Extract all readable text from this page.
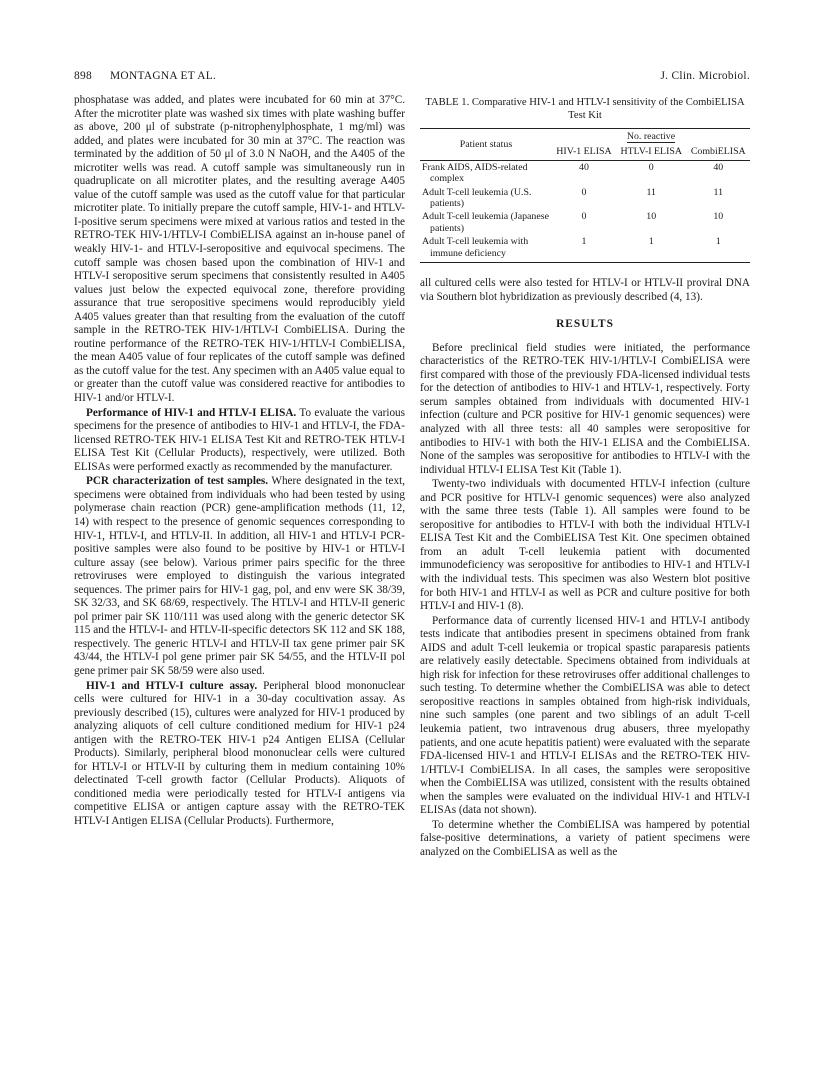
898 MONTAGNA ET AL.	J. Clin. Microbiol.

phosphatase was added, and plates were incubated for 60 min at 37°C. After the microtiter plate was washed six times with plate washing buffer as above, 200 μl of substrate (p-nitrophenylphosphate, 1 mg/ml) was added, and plates were incubated for 30 min at 37°C. The reaction was terminated by the addition of 50 μl of 3.0 N NaOH, and the A405 of the microtiter wells was read. A cutoff sample was simultaneously run in quadruplicate on all microtiter plates, and the resulting average A405 value of the cutoff sample was used as the cutoff value for that particular microtiter plate. To initially prepare the cutoff sample, HIV-1- and HTLV-I-positive serum specimens were mixed at various ratios and tested in the RETRO-TEK HIV-1/HTLV-I CombiELISA against an in-house panel of weakly HIV-1- and HTLV-I-seropositive and equivocal specimens. The cutoff sample was chosen based upon the combination of HIV-1 and HTLV-I seropositive serum specimens that consistently resulted in A405 values just below the expected equivocal zone, therefore providing assurance that true seropositive specimens would reproducibly yield A405 values greater than that resulting from the evaluation of the cutoff sample in the RETRO-TEK HIV-1/HTLV-I CombiELISA. During the routine performance of the RETRO-TEK HIV-1/HTLV-I CombiELISA, the mean A405 value of four replicates of the cutoff sample was defined as the cutoff value for the test. Any specimen with an A405 value equal to or greater than the cutoff value was considered reactive for antibodies to HIV-1 and/or HTLV-I.

Performance of HIV-1 and HTLV-I ELISA. To evaluate the various specimens for the presence of antibodies to HIV-1 and HTLV-I, the FDA-licensed RETRO-TEK HIV-1 ELISA Test Kit and RETRO-TEK HTLV-I ELISA Test Kit (Cellular Products), respectively, were utilized. Both ELISAs were performed exactly as recommended by the manufacturer.

PCR characterization of test samples. Where designated in the text, specimens were obtained from individuals who had been tested by using polymerase chain reaction (PCR) gene-amplification methods (11, 12, 14) with respect to the presence of genomic sequences corresponding to HIV-1, HTLV-I, and HTLV-II. In addition, all HIV-1 and HTLV-I PCR-positive samples were also found to be positive by HIV-1 or HTLV-I culture assay (see below). Various primer pairs specific for the three retroviruses were employed to distinguish the various integrated sequences. The primer pairs for HIV-1 gag, pol, and env were SK 38/39, SK 32/33, and SK 68/69, respectively. The HTLV-I and HTLV-II generic pol primer pair SK 110/111 was used along with the generic detector SK 115 and the HTLV-I- and HTLV-II-specific detectors SK 112 and SK 188, respectively. The generic HTLV-I and HTLV-II tax gene primer pair SK 43/44, the HTLV-I pol gene primer pair SK 54/55, and the HTLV-II pol gene primer pair SK 58/59 were also used.

HIV-1 and HTLV-I culture assay. Peripheral blood mononuclear cells were cultured for HIV-1 in a 30-day cocultivation assay. As previously described (15), cultures were analyzed for HIV-1 produced by analyzing aliquots of cell culture conditioned medium for HIV-1 p24 antigen with the RETRO-TEK HIV-1 p24 Antigen ELISA (Cellular Products). Similarly, peripheral blood mononuclear cells were cultured for HTLV-I or HTLV-II by culturing them in medium containing 10% delectinated T-cell growth factor (Cellular Products). Aliquots of conditioned media were periodically tested for HTLV-I antigens via competitive ELISA or antigen capture assay with the RETRO-TEK HTLV-I Antigen ELISA (Cellular Products). Furthermore,

TABLE 1. Comparative HIV-1 and HTLV-I sensitivity of the CombiELISA Test Kit
Patient status	No. reactive		
	HIV-1 ELISA	HTLV-I ELISA	CombiELISA
Frank AIDS, AIDS-related complex	40	0	40
Adult T-cell leukemia (U.S. patients)	0	11	11
Adult T-cell leukemia (Japanese patients)	0	10	10
Adult T-cell leukemia with immune deficiency	1	1	1

all cultured cells were also tested for HTLV-I or HTLV-II proviral DNA via Southern blot hybridization as previously described (4, 13).

RESULTS

Before preclinical field studies were initiated, the performance characteristics of the RETRO-TEK HIV-1/HTLV-I CombiELISA were first compared with those of the previously FDA-licensed individual tests for the detection of antibodies to HIV-1 and HTLV-1, respectively. Forty serum samples obtained from individuals with documented HIV-1 infection (culture and PCR positive for HIV-1 genomic sequences) were analyzed with all three tests: all 40 samples were seropositive for antibodies to HIV-1 with both the HIV-1 ELISA and the CombiELISA. None of the samples was seropositive for antibodies to HTLV-I with the individual HTLV-I ELISA Test Kit (Table 1).

Twenty-two individuals with documented HTLV-I infection (culture and PCR positive for HTLV-I genomic sequences) were also analyzed with the same three tests (Table 1). All samples were found to be seropositive for antibodies to HTLV-I with both the individual HTLV-I ELISA Test Kit and the CombiELISA Test Kit. One specimen obtained from an adult T-cell leukemia patient with documented immunodeficiency was seropositive for antibodies to HIV-1 and HTLV-I with the individual tests. This specimen was also Western blot positive for both HIV-1 and HTLV-I as well as PCR and culture positive for both HTLV-I and HIV-1 (8).

Performance data of currently licensed HIV-1 and HTLV-I antibody tests indicate that antibodies present in specimens obtained from frank AIDS and adult T-cell leukemia or tropical spastic paraparesis patients are relatively easily detectable. Specimens obtained from individuals at high risk for infection for these retroviruses offer additional challenges to such testing. To determine whether the CombiELISA was able to detect seropositive reactions in samples obtained from high-risk individuals, nine such samples (one parent and two siblings of an adult T-cell leukemia patient, two intravenous drug abusers, three myelopathy patients, and one acute hepatitis patient) were evaluated with the separate FDA-licensed HIV-1 and HTLV-I ELISAs and the RETRO-TEK HIV-1/HTLV-I CombiELISA. In all cases, the samples were seropositive when the CombiELISA was utilized, consistent with the results obtained when the samples were evaluated on the individual HIV-1 and HTLV-I ELISAs (data not shown).

To determine whether the CombiELISA was hampered by potential false-positive determinations, a variety of patient specimens were analyzed on the CombiELISA as well as the
